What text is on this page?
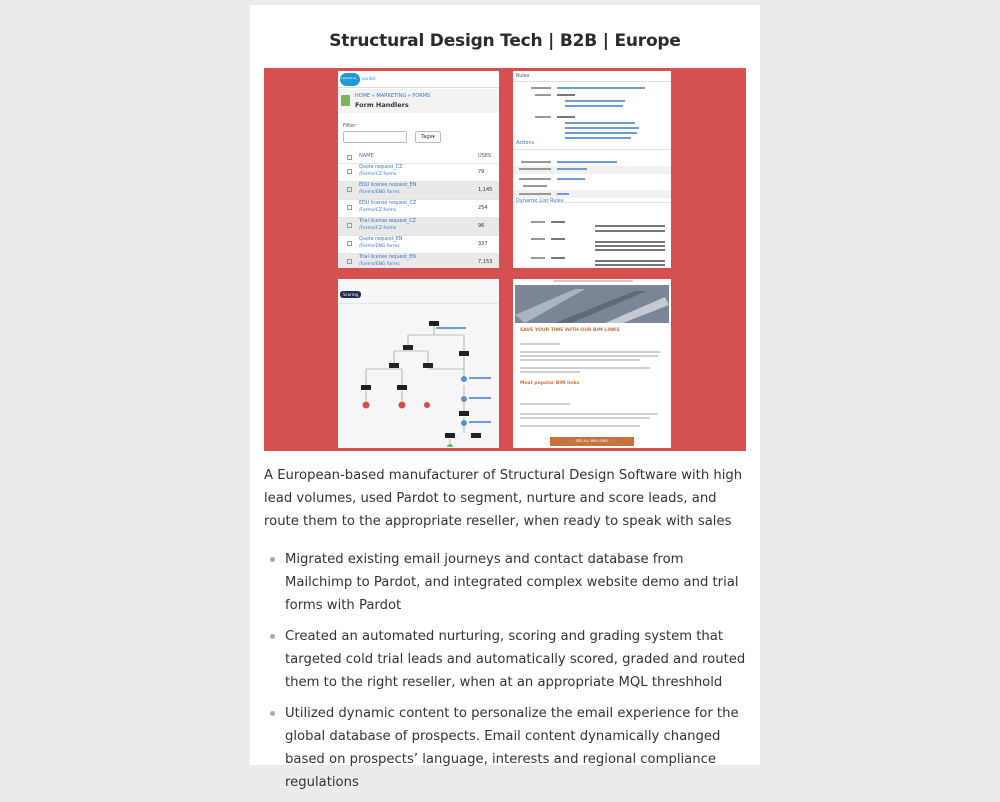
Structural Design Tech | B2B | Europe
salesforce pardot
HOME » MARKETING » FORMS
Form Handlers
Filter:
Tags▾
NAME	USES
Quote request_CZ
/Forms/CZ forms	79
EDU license request_EN
/Forms/ENG forms	1,145
EDU license request_CZ
/Forms/CZ forms	254
Trial license request_CZ
/Forms/CZ forms	96
Quote request_EN
/Forms/ENG forms	337
Trial license request_EN
/Forms/ENG forms	7,153
Rules
Actions
Dynamic List Rules
Scoring
SAVE YOUR TIME WITH OUR BIM LINKS
Most popular BIM links
SEE ALL BIM LINKS

A European-based manufacturer of Structural Design Software with high lead volumes, used Pardot to segment, nurture and score leads, and route them to the appropriate reseller, when ready to speak with sales

Migrated existing email journeys and contact database from Mailchimp to Pardot, and integrated complex website demo and trial forms with Pardot
Created an automated nurturing, scoring and grading system that targeted cold trial leads and automatically scored, graded and routed them to the right reseller, when at an appropriate MQL threshhold
Utilized dynamic content to personalize the email experience for the global database of prospects. Email content dynamically changed based on prospects’ language, interests and regional compliance regulations
